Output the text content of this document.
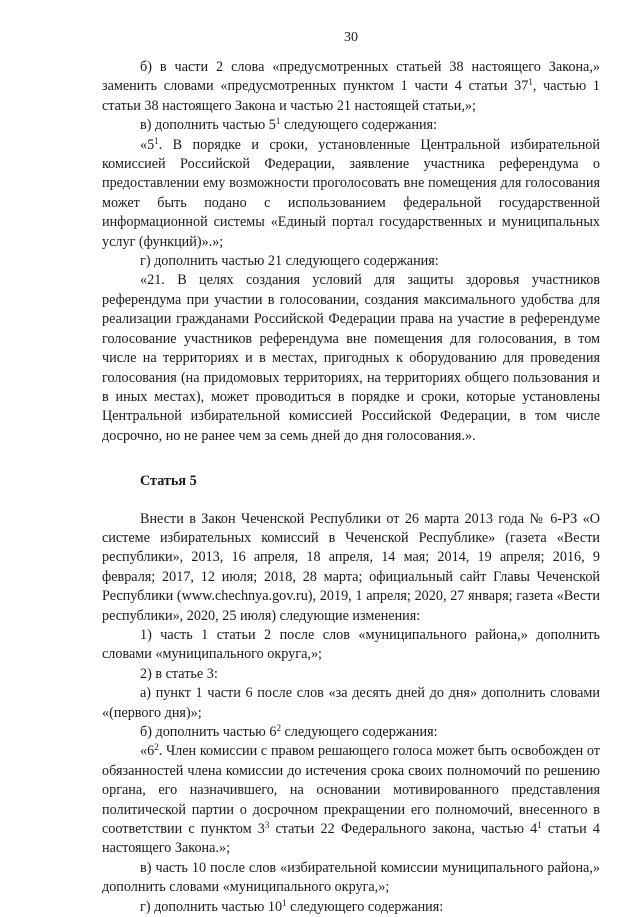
30

б) в части 2 слова «предусмотренных статьей 38 настоящего Закона,» заменить словами «предусмотренных пунктом 1 части 4 статьи $37^1$, частью 1 статьи 38 настоящего Закона и частью 21 настоящей статьи,»;

в) дополнить частью $5^1$ следующего содержания:

«$5^1$. В порядке и сроки, установленные Центральной избирательной комиссией Российской Федерации, заявление участника референдума о предоставлении ему возможности проголосовать вне помещения для голосования может быть подано с использованием федеральной государственной информационной системы «Единый портал государственных и муниципальных услуг (функций)».»;

г) дополнить частью 21 следующего содержания:

«21. В целях создания условий для защиты здоровья участников референдума при участии в голосовании, создания максимального удобства для реализации гражданами Российской Федерации права на участие в референдуме голосование участников референдума вне помещения для голосования, в том числе на территориях и в местах, пригодных к оборудованию для проведения голосования (на придомовых территориях, на территориях общего пользования и в иных местах), может проводиться в порядке и сроки, которые установлены Центральной избирательной комиссией Российской Федерации, в том числе досрочно, но не ранее чем за семь дней до дня голосования.».

Статья 5

Внести в Закон Чеченской Республики от 26 марта 2013 года № 6-РЗ «О системе избирательных комиссий в Чеченской Республике» (газета «Вести республики», 2013, 16 апреля, 18 апреля, 14 мая; 2014, 19 апреля; 2016, 9 февраля; 2017, 12 июля; 2018, 28 марта; официальный сайт Главы Чеченской Республики (www.chechnya.gov.ru), 2019, 1 апреля; 2020, 27 января; газета «Вести республики», 2020, 25 июля) следующие изменения:

1) часть 1 статьи 2 после слов «муниципального района,» дополнить словами «муниципального округа,»;

2) в статье 3:

а) пункт 1 части 6 после слов «за десять дней до дня» дополнить словами «(первого дня)»;

б) дополнить частью $6^2$ следующего содержания:

«$6^2$. Член комиссии с правом решающего голоса может быть освобожден от обязанностей члена комиссии до истечения срока своих полномочий по решению органа, его назначившего, на основании мотивированного представления политической партии о досрочном прекращении его полномочий, внесенного в соответствии с пунктом $3^3$ статьи 22 Федерального закона, частью $4^1$ статьи 4 настоящего Закона.»;

в) часть 10 после слов «избирательной комиссии муниципального района,» дополнить словами «муниципального округа,»;

г) дополнить частью $10^1$ следующего содержания:
